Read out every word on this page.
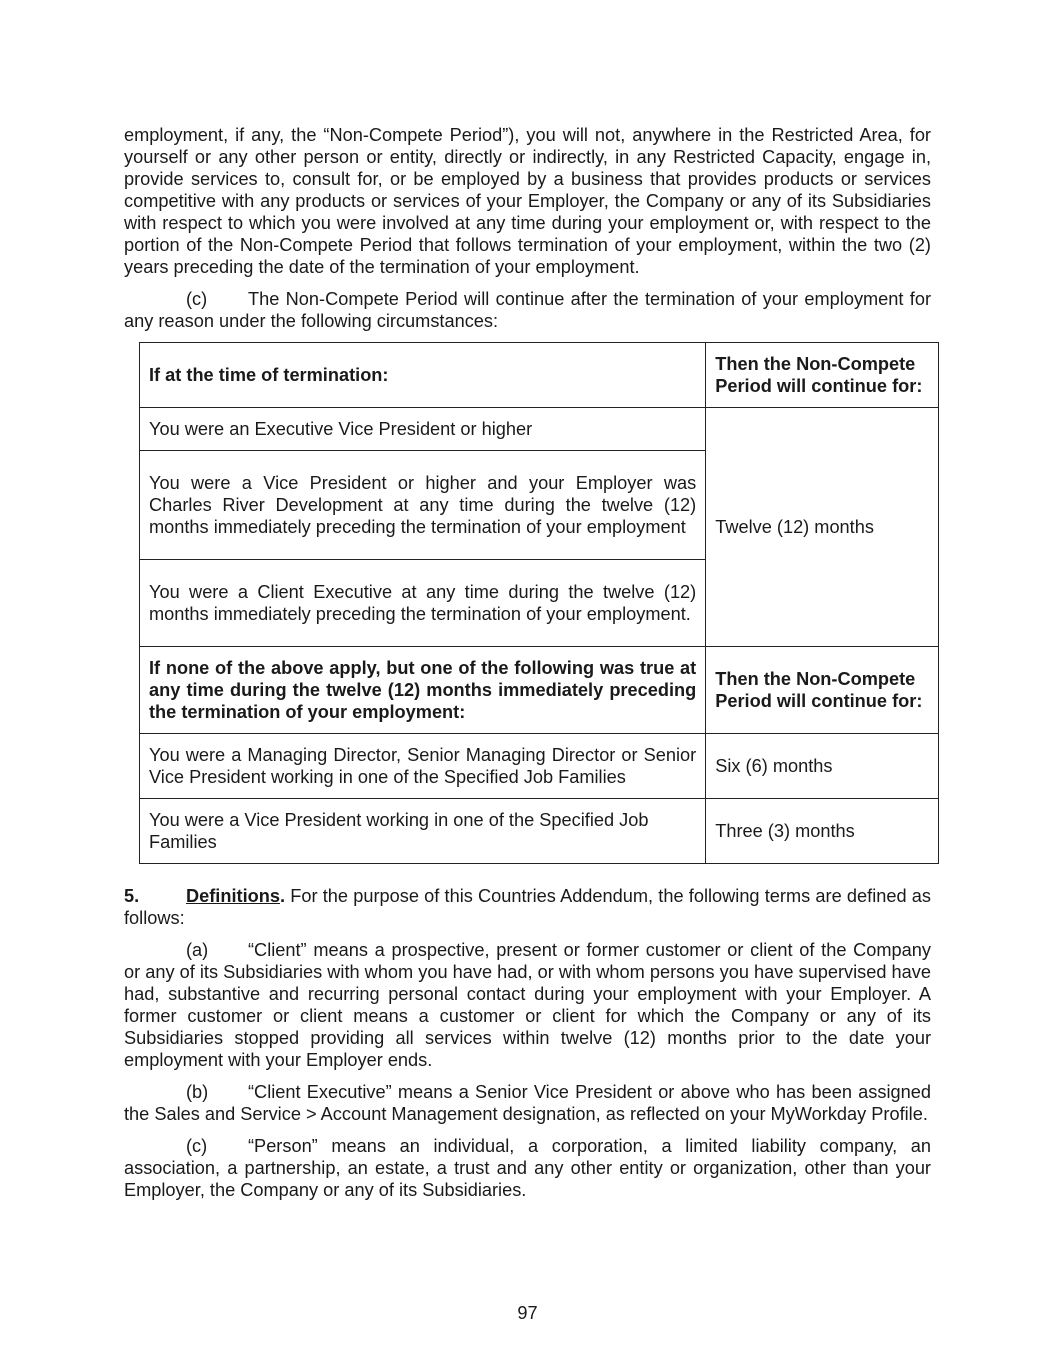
employment, if any, the “Non-Compete Period”), you will not, anywhere in the Restricted Area, for yourself or any other person or entity, directly or indirectly, in any Restricted Capacity, engage in, provide services to, consult for, or be employed by a business that provides products or services competitive with any products or services of your Employer, the Company or any of its Subsidiaries with respect to which you were involved at any time during your employment or, with respect to the portion of the Non-Compete Period that follows termination of your employment, within the two (2) years preceding the date of the termination of your employment.

(c) The Non-Compete Period will continue after the termination of your employment for any reason under the following circumstances:

If at the time of termination:	Then the Non-Compete Period will continue for:
You were an Executive Vice President or higher	Twelve (12) months
You were a Vice President or higher and your Employer was Charles River Development at any time during the twelve (12) months immediately preceding the termination of your employment	
You were a Client Executive at any time during the twelve (12) months immediately preceding the termination of your employment.	
If none of the above apply, but one of the following was true at any time during the twelve (12) months immediately preceding the termination of your employment:	Then the Non-Compete Period will continue for:
You were a Managing Director, Senior Managing Director or Senior Vice President working in one of the Specified Job Families	Six (6) months
You were a Vice President working in one of the Specified Job Families	Three (3) months

5.	Definitions. For the purpose of this Countries Addendum, the following terms are defined as follows:

(a) “Client” means a prospective, present or former customer or client of the Company or any of its Subsidiaries with whom you have had, or with whom persons you have supervised have had, substantive and recurring personal contact during your employment with your Employer. A former customer or client means a customer or client for which the Company or any of its Subsidiaries stopped providing all services within twelve (12) months prior to the date your employment with your Employer ends.

(b) “Client Executive” means a Senior Vice President or above who has been assigned the Sales and Service > Account Management designation, as reflected on your MyWorkday Profile.

(c) “Person” means an individual, a corporation, a limited liability company, an association, a partnership, an estate, a trust and any other entity or organization, other than your Employer, the Company or any of its Subsidiaries.

97
